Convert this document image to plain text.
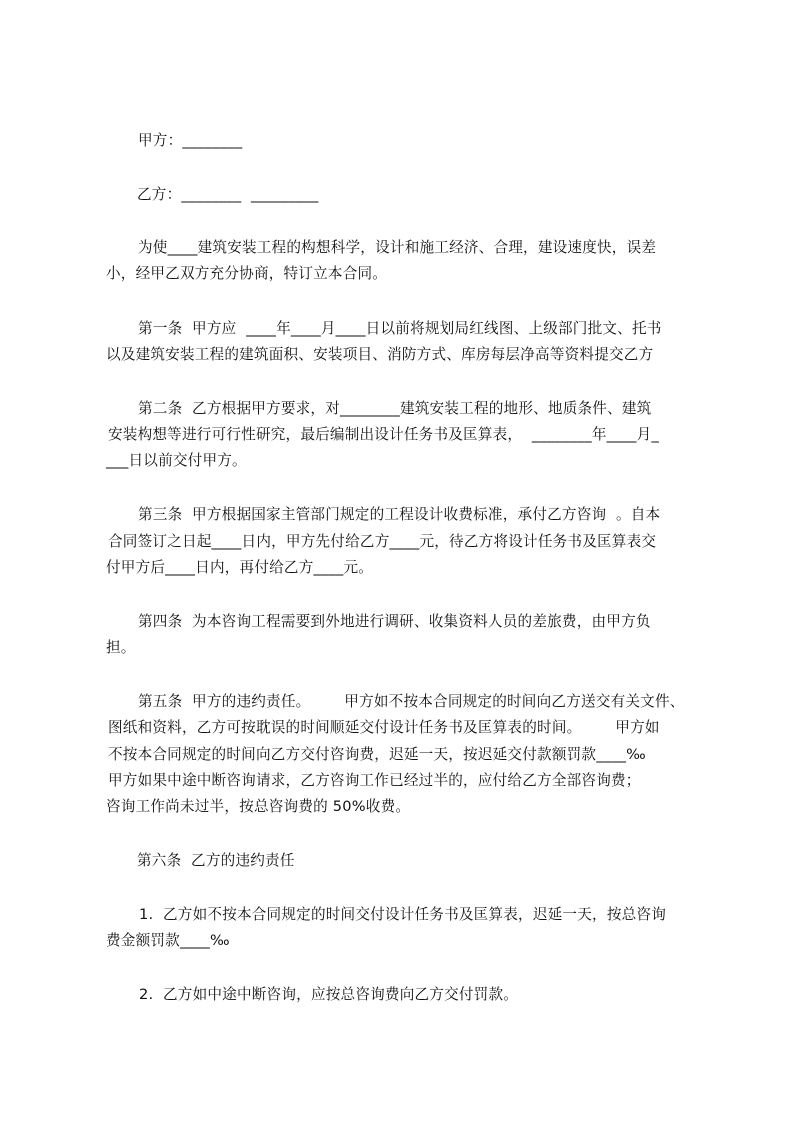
甲方：________
乙方：________  _________
为使____建筑安装工程的构想科学，设计和施工经济、合理，建设速度快，误差
小，经甲乙双方充分协商，特订立本合同。
第一条  甲方应  ____年____月____日以前将规划局红线图、上级部门批文、托书
以及建筑安装工程的建筑面积、安装项目、消防方式、库房每层净高等资料提交乙方
第二条  乙方根据甲方要求，对________建筑安装工程的地形、地质条件、建筑
安装构想等进行可行性研究，最后编制出设计任务书及匡算表，  ________年____月_
___日以前交付甲方。
第三条  甲方根据国家主管部门规定的工程设计收费标准，承付乙方咨询  。自本
合同签订之日起____日内，甲方先付给乙方____元，待乙方将设计任务书及匡算表交
付甲方后____日内，再付给乙方____元。
第四条  为本咨询工程需要到外地进行调研、收集资料人员的差旅费，由甲方负
担。
第五条  甲方的违约责任。       甲方如不按本合同规定的时间向乙方送交有关文件、
图纸和资料，乙方可按耽误的时间顺延交付设计任务书及匡算表的时间。       甲方如
不按本合同规定的时间向乙方交付咨询费，迟延一天，按迟延交付款额罚款____‰
甲方如果中途中断咨询请求，乙方咨询工作已经过半的，应付给乙方全部咨询费；
咨询工作尚未过半，按总咨询费的 50%收费。
第六条  乙方的违约责任
1.  乙方如不按本合同规定的时间交付设计任务书及匡算表，迟延一天，按总咨询
费金额罚款____‰
2.  乙方如中途中断咨询，应按总咨询费向乙方交付罚款。
